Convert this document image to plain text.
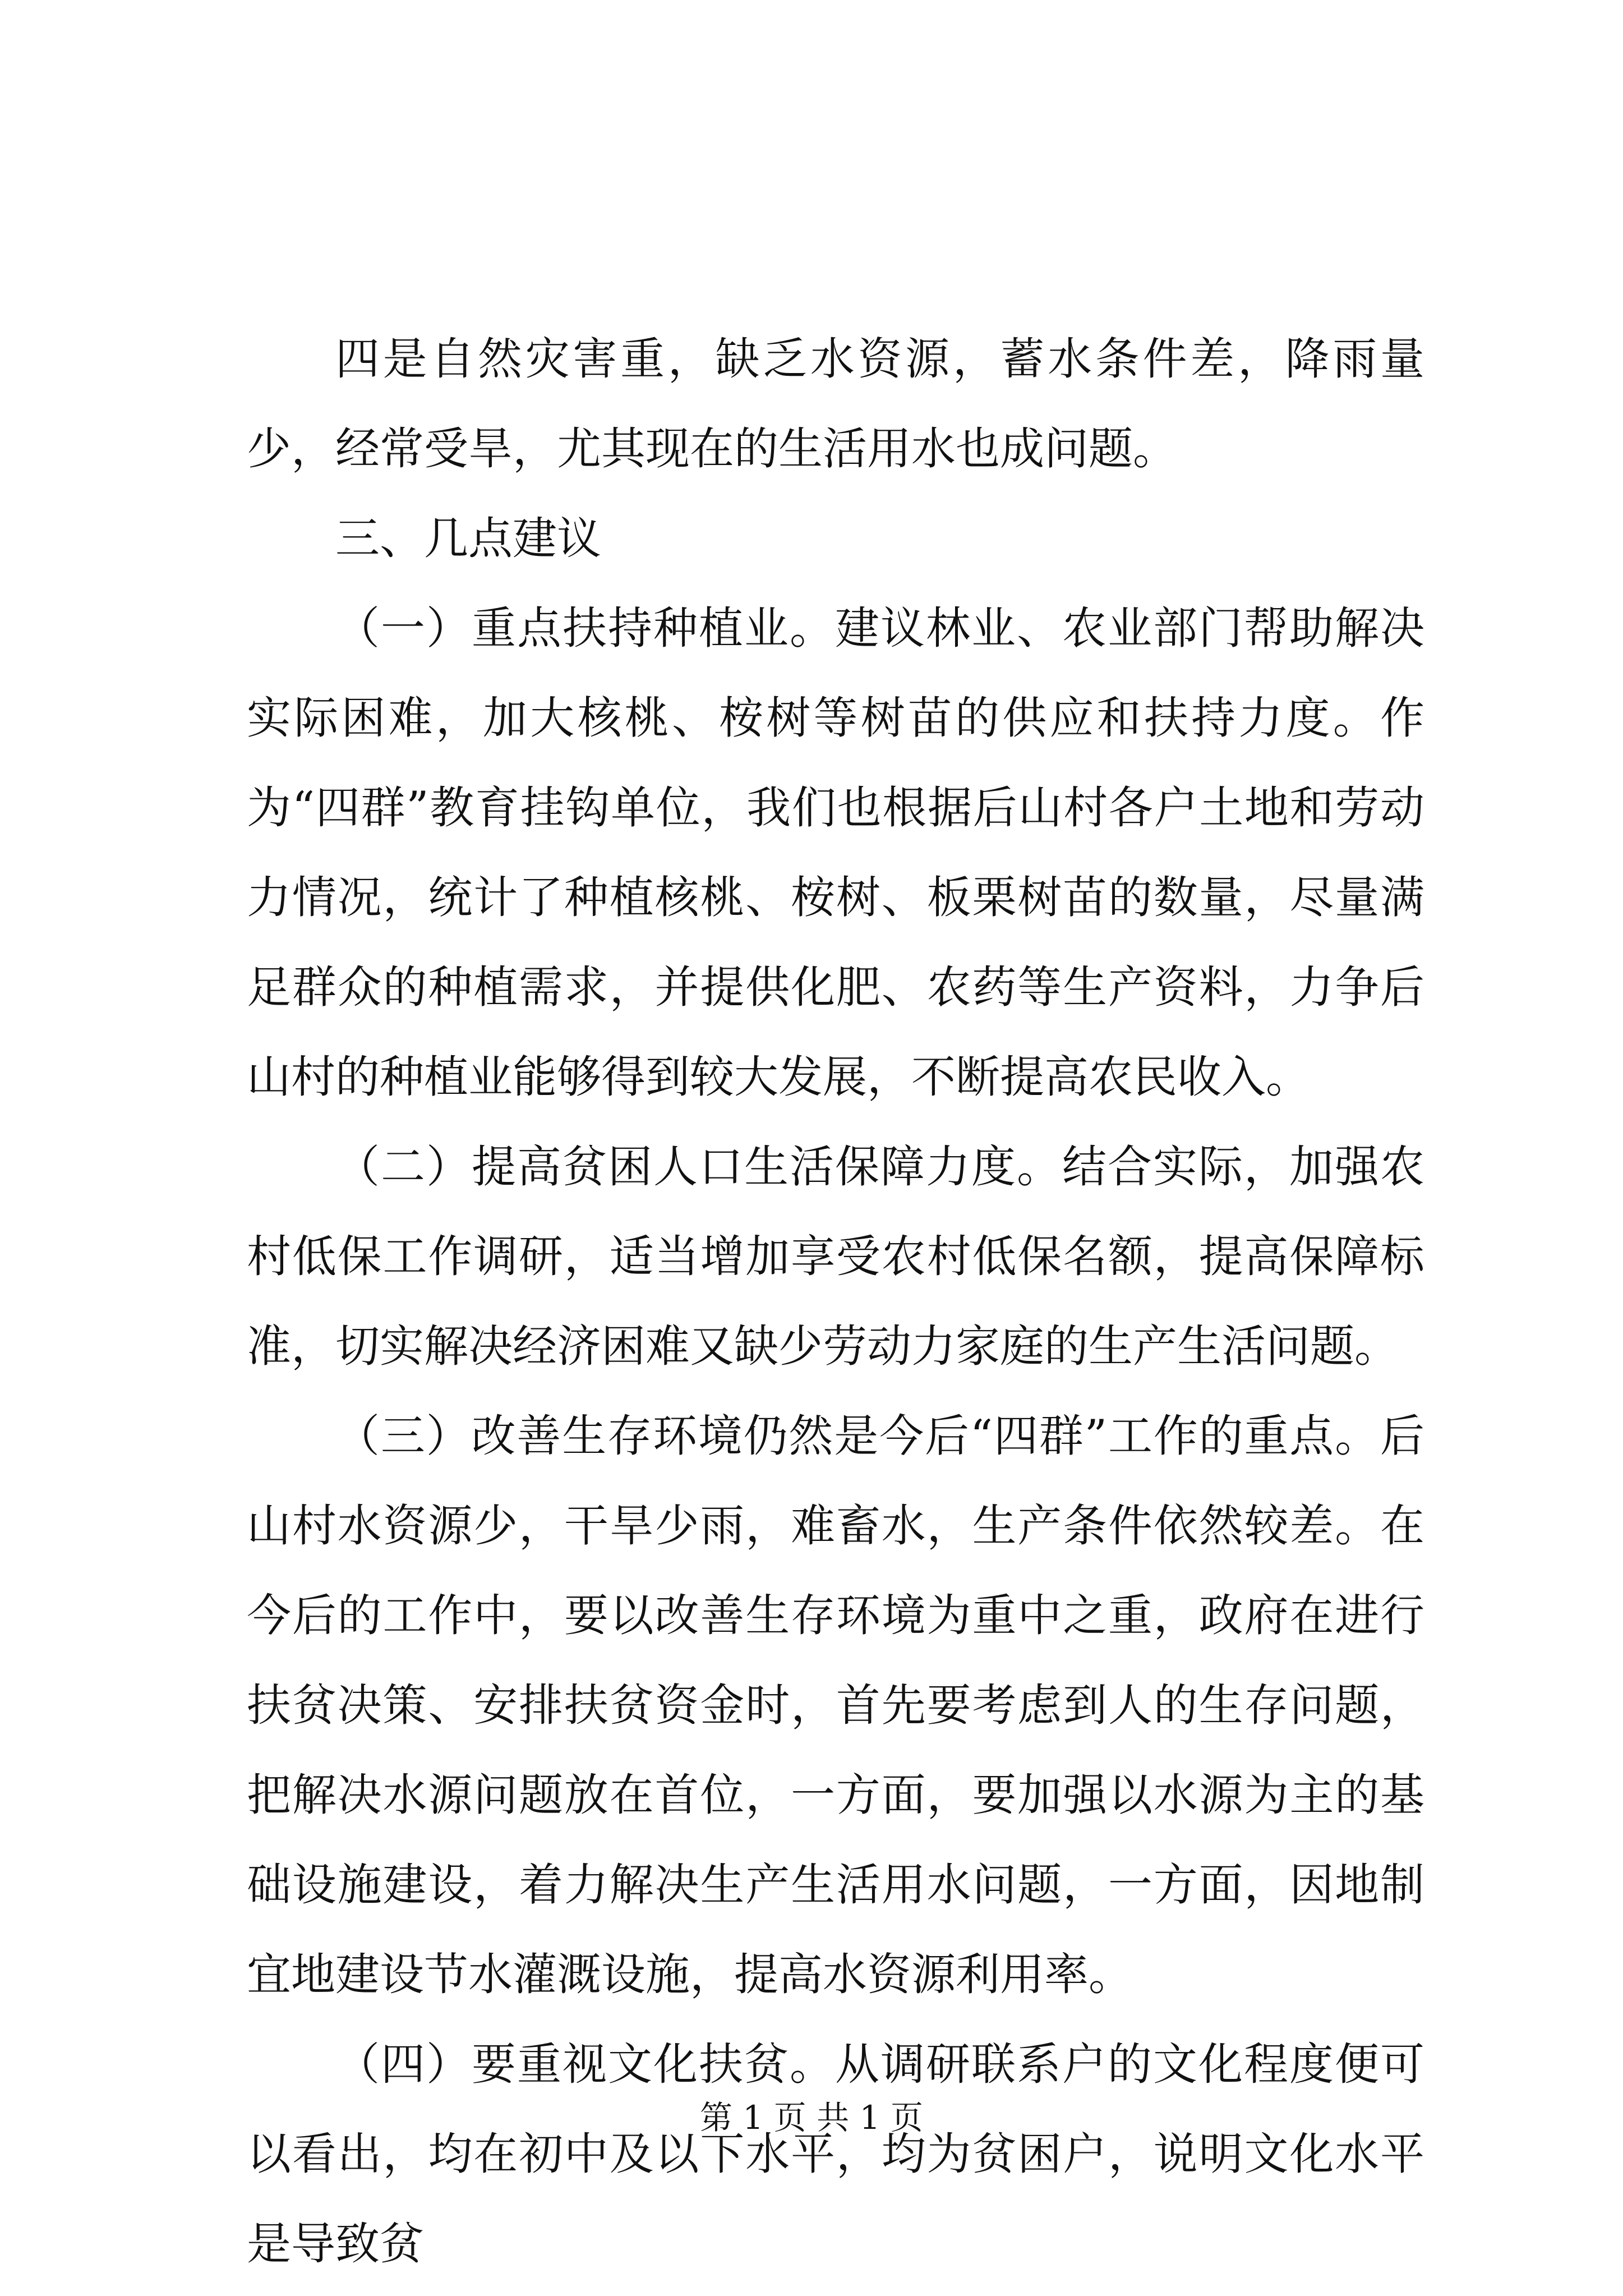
四是自然灾害重，缺乏水资源，蓄水条件差，降雨量少，经常受旱，尤其现在的生活用水也成问题。

三、几点建议

（一）重点扶持种植业。建议林业、农业部门帮助解决实际困难，加大核桃、桉树等树苗的供应和扶持力度。作为“四群”教育挂钩单位，我们也根据后山村各户土地和劳动力情况，统计了种植核桃、桉树、板栗树苗的数量，尽量满足群众的种植需求，并提供化肥、农药等生产资料，力争后山村的种植业能够得到较大发展，不断提高农民收入。

（二）提高贫困人口生活保障力度。结合实际，加强农村低保工作调研，适当增加享受农村低保名额，提高保障标准，切实解决经济困难又缺少劳动力家庭的生产生活问题。

（三）改善生存环境仍然是今后“四群”工作的重点。后山村水资源少，干旱少雨，难畜水，生产条件依然较差。在今后的工作中，要以改善生存环境为重中之重，政府在进行扶贫决策、安排扶贫资金时，首先要考虑到人的生存问题，把解决水源问题放在首位，一方面，要加强以水源为主的基础设施建设，着力解决生产生活用水问题，一方面，因地制宜地建设节水灌溉设施，提高水资源利用率。

（四）要重视文化扶贫。从调研联系户的文化程度便可以看出，均在初中及以下水平，均为贫困户，说明文化水平是导致贫

第 1 页 共 1 页
